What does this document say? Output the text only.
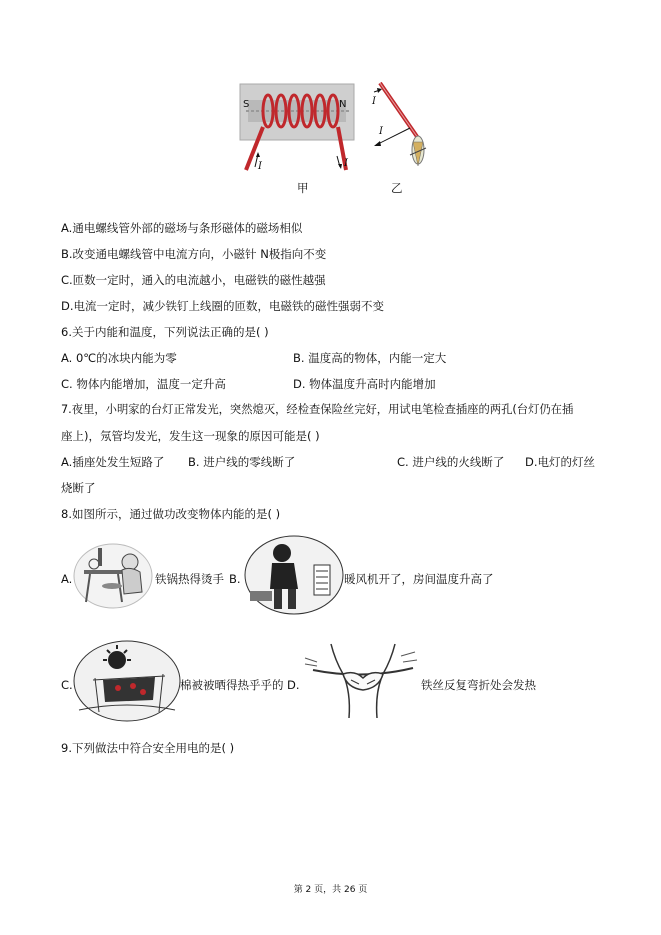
S	N
I	I
I
I
甲	乙
A.通电螺线管外部的磁场与条形磁体的磁场相似
B.改变通电螺线管中电流方向，小磁针 N极指向不变
C.匝数一定时，通入的电流越小，电磁铁的磁性越强
D.电流一定时，减少铁钉上线圈的匝数，电磁铁的磁性强弱不变
6.关于内能和温度，下列说法正确的是( )
A. 0℃的冰块内能为零	B. 温度高的物体，内能一定大
C. 物体内能增加，温度一定升高	D. 物体温度升高时内能增加
7.夜里，小明家的台灯正常发光，突然熄灭，经检查保险丝完好，用试电笔检查插座的两孔(台灯仍在插
座上)，氖管均发光，发生这一现象的原因可能是( )
A.插座处发生短路了 B. 进户线的零线断了	C. 进户线的火线断了 D.电灯的灯丝
烧断了
8.如图所示，通过做功改变物体内能的是( )
A.	铁锅热得烫手 B.	暖风机开了，房间温度升高了
C.	棉被被晒得热乎乎的 D.	铁丝反复弯折处会发热
9.下列做法中符合安全用电的是( )
第 2 页，共 26 页
